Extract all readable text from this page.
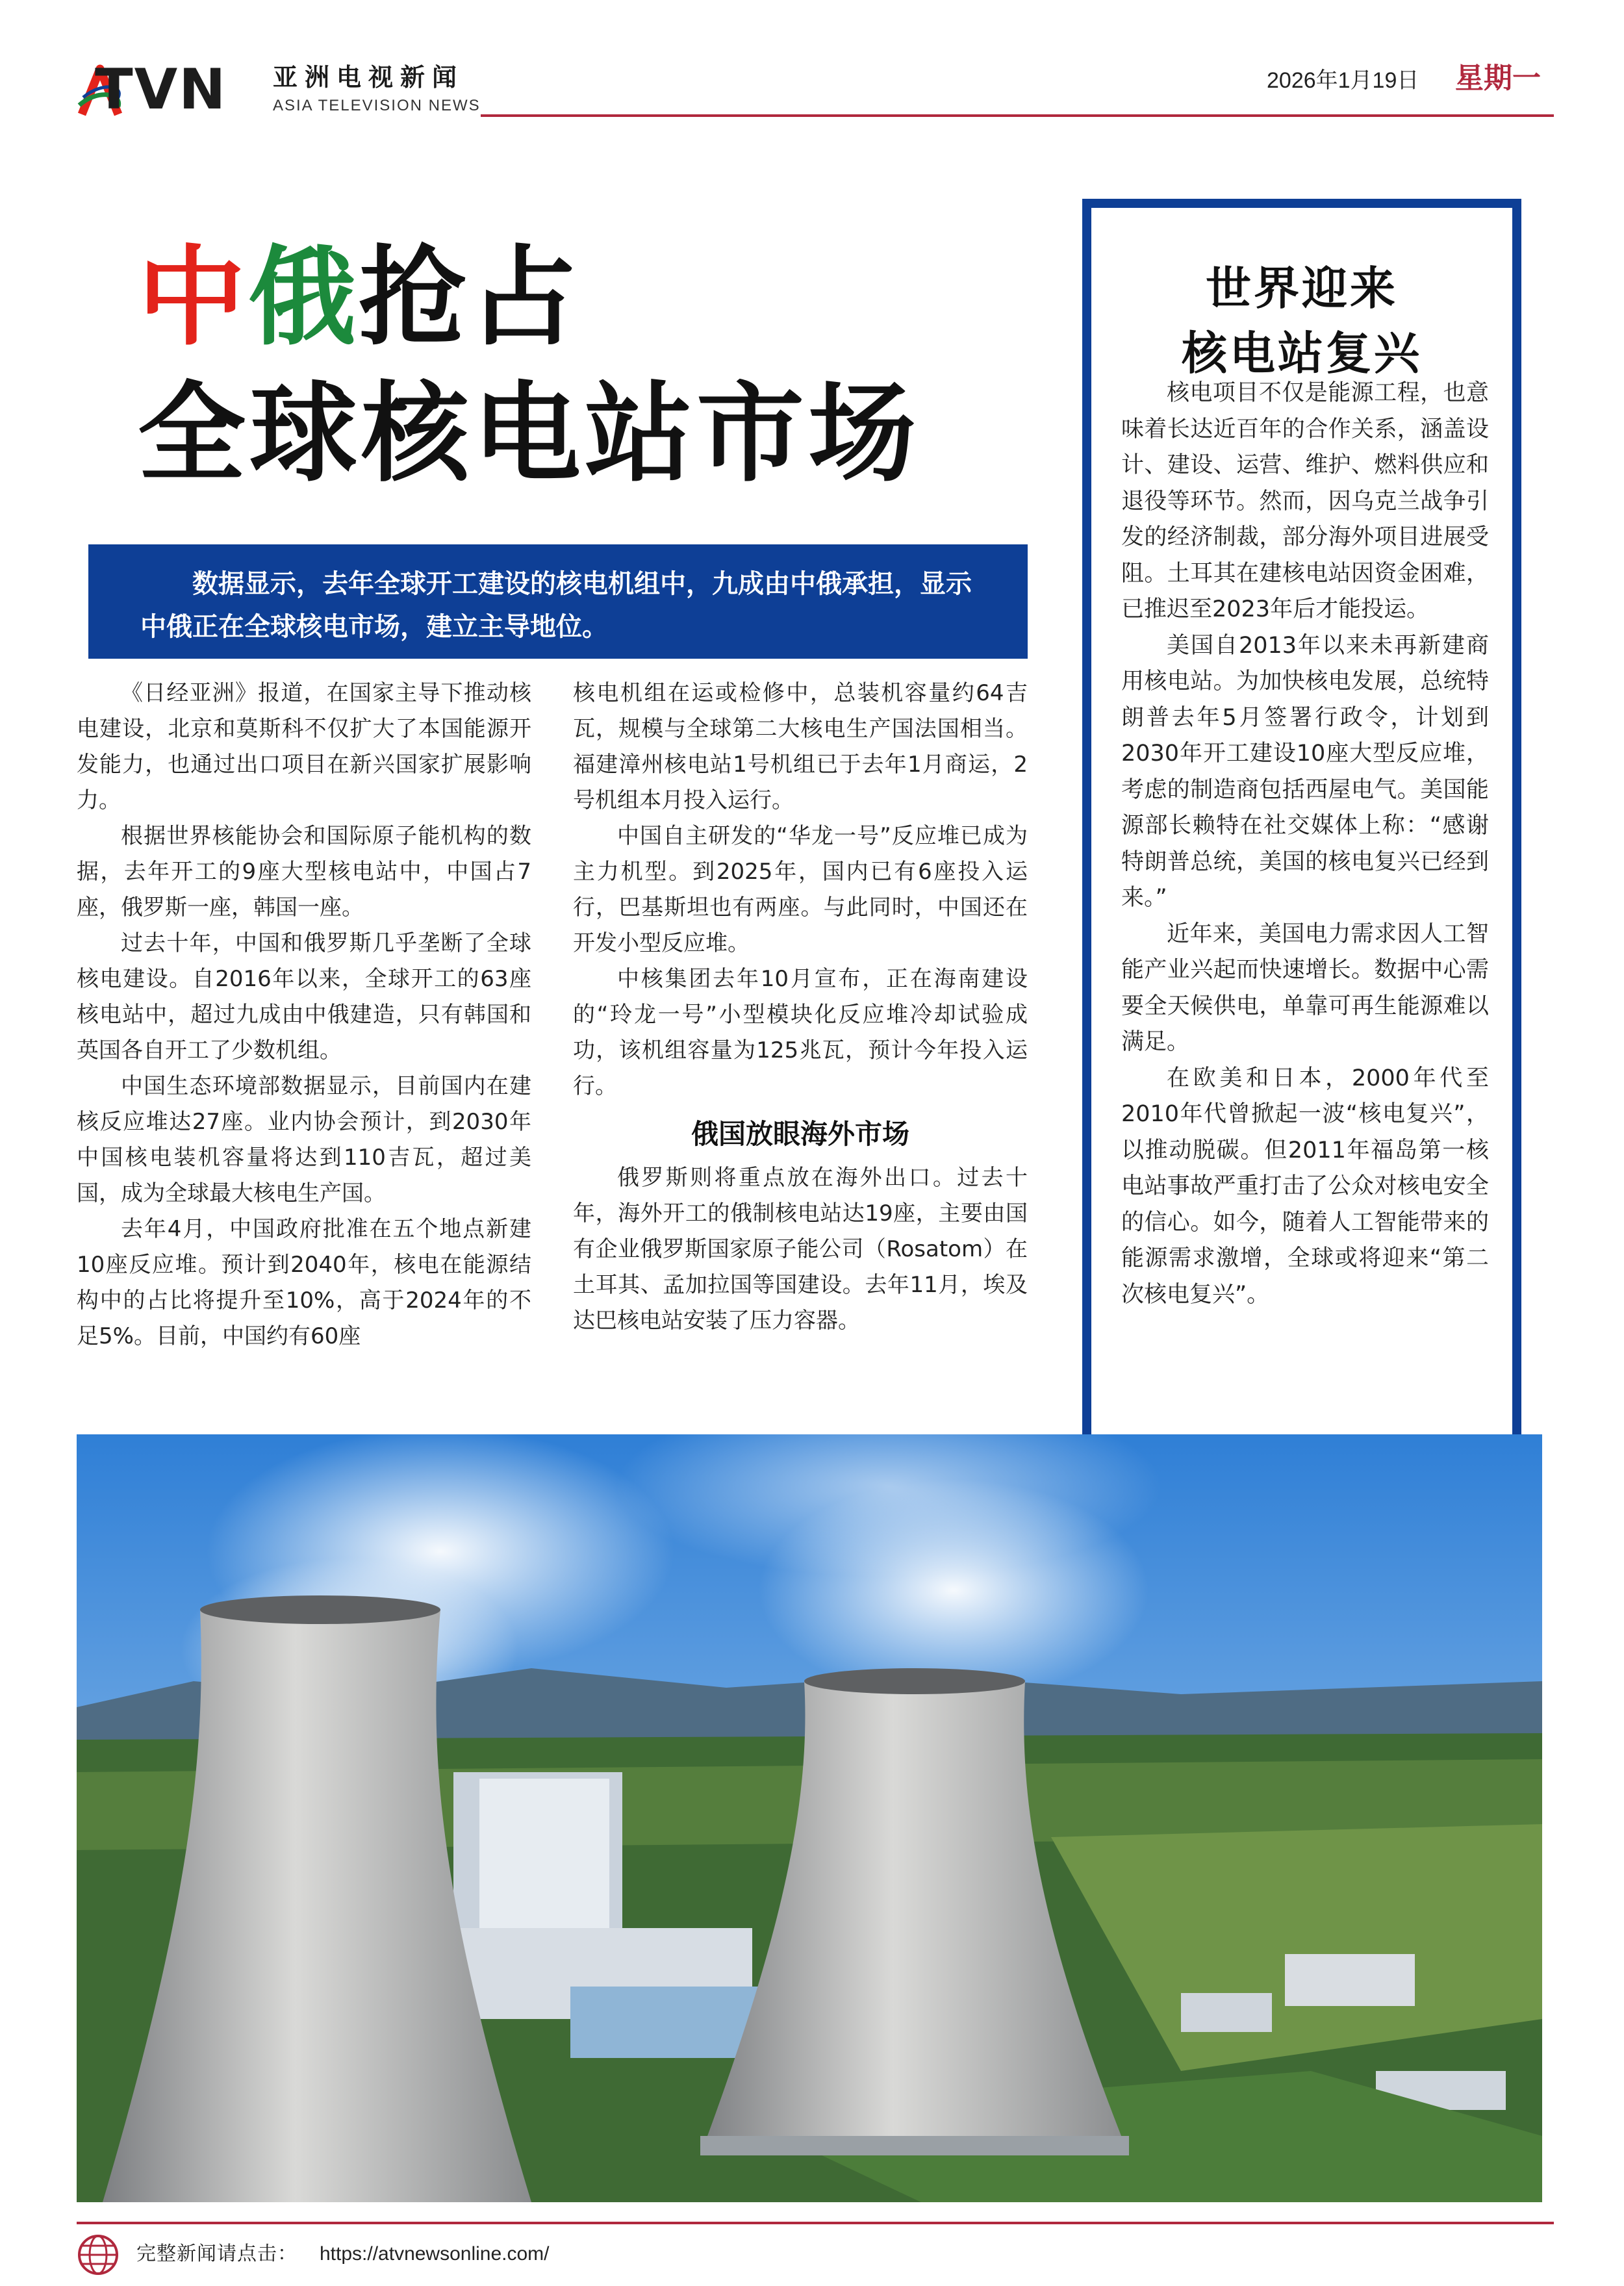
TVN 亚洲电视新闻
ASIA TELEVISION NEWS
2026年1月19日 星期一
中俄抢占
全球核电站市场

数据显示，去年全球开工建设的核电机组中，九成由中俄承担，显示中俄正在全球核电市场，建立主导地位。

《日经亚洲》报道，在国家主导下推动核电建设，北京和莫斯科不仅扩大了本国能源开发能力，也通过出口项目在新兴国家扩展影响力。

根据世界核能协会和国际原子能机构的数据，去年开工的9座大型核电站中，中国占7座，俄罗斯一座，韩国一座。

过去十年，中国和俄罗斯几乎垄断了全球核电建设。自2016年以来，全球开工的63座核电站中，超过九成由中俄建造，只有韩国和英国各自开工了少数机组。

中国生态环境部数据显示，目前国内在建核反应堆达27座。业内协会预计，到2030年中国核电装机容量将达到110吉瓦，超过美国，成为全球最大核电生产国。

去年4月，中国政府批准在五个地点新建10座反应堆。预计到2040年，核电在能源结构中的占比将提升至10%，高于2024年的不足5%。目前，中国约有60座

核电机组在运或检修中，总装机容量约64吉瓦，规模与全球第二大核电生产国法国相当。福建漳州核电站1号机组已于去年1月商运，2号机组本月投入运行。

中国自主研发的“华龙一号”反应堆已成为主力机型。到2025年，国内已有6座投入运行，巴基斯坦也有两座。与此同时，中国还在开发小型反应堆。

中核集团去年10月宣布，正在海南建设的“玲龙一号”小型模块化反应堆冷却试验成功，该机组容量为125兆瓦，预计今年投入运行。

俄国放眼海外市场

俄罗斯则将重点放在海外出口。过去十年，海外开工的俄制核电站达19座，主要由国有企业俄罗斯国家原子能公司（Rosatom）在土耳其、孟加拉国等国建设。去年11月，埃及达巴核电站安装了压力容器。

世界迎来
核电站复兴

核电项目不仅是能源工程，也意味着长达近百年的合作关系，涵盖设计、建设、运营、维护、燃料供应和退役等环节。然而，因乌克兰战争引发的经济制裁，部分海外项目进展受阻。土耳其在建核电站因资金困难，已推迟至2023年后才能投运。

美国自2013年以来未再新建商用核电站。为加快核电发展，总统特朗普去年5月签署行政令，计划到2030年开工建设10座大型反应堆，考虑的制造商包括西屋电气。美国能源部长赖特在社交媒体上称：“感谢特朗普总统，美国的核电复兴已经到来。”

近年来，美国电力需求因人工智能产业兴起而快速增长。数据中心需要全天候供电，单靠可再生能源难以满足。

在欧美和日本，2000年代至2010年代曾掀起一波“核电复兴”，以推动脱碳。但2011年福岛第一核电站事故严重打击了公众对核电安全的信心。如今，随着人工智能带来的能源需求激增，全球或将迎来“第二次核电复兴”。

完整新闻请点击： https://atvnewsonline.com/
